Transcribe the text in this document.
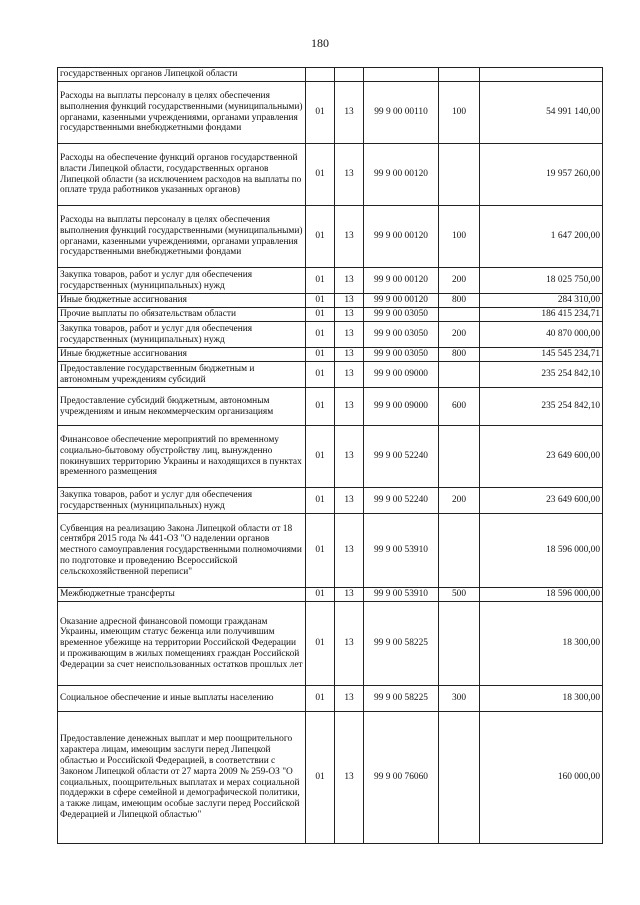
180
государственных органов Липецкой области					
Расходы на выплаты персоналу в целях обеспечения выполнения функций государственными (муниципальными) органами, казенными учреждениями, органами управления государственными внебюджетными фондами	01	13	99 9 00 00110	100	54 991 140,00
Расходы на обеспечение функций органов государственной власти Липецкой области, государственных органов Липецкой области (за исключением расходов на выплаты по оплате труда работников указанных органов)	01	13	99 9 00 00120		19 957 260,00
Расходы на выплаты персоналу в целях обеспечения выполнения функций государственными (муниципальными) органами, казенными учреждениями, органами управления государственными внебюджетными фондами	01	13	99 9 00 00120	100	1 647 200,00
Закупка товаров, работ и услуг для обеспечения государственных (муниципальных) нужд	01	13	99 9 00 00120	200	18 025 750,00
Иные бюджетные ассигнования	01	13	99 9 00 00120	800	284 310,00
Прочие выплаты по обязательствам области	01	13	99 9 00 03050		186 415 234,71
Закупка товаров, работ и услуг для обеспечения государственных (муниципальных) нужд	01	13	99 9 00 03050	200	40 870 000,00
Иные бюджетные ассигнования	01	13	99 9 00 03050	800	145 545 234,71
Предоставление государственным бюджетным и автономным учреждениям субсидий	01	13	99 9 00 09000		235 254 842,10
Предоставление субсидий бюджетным, автономным учреждениям и иным некоммерческим организациям	01	13	99 9 00 09000	600	235 254 842,10
Финансовое обеспечение мероприятий по временному социально-бытовому обустройству лиц, вынужденно покинувших территорию Украины и находящихся в пунктах временного размещения	01	13	99 9 00 52240		23 649 600,00
Закупка товаров, работ и услуг для обеспечения государственных (муниципальных) нужд	01	13	99 9 00 52240	200	23 649 600,00
Субвенция на реализацию Закона Липецкой области от 18 сентября 2015 года № 441-ОЗ "О наделении органов местного самоуправления государственными полномочиями по подготовке и проведению Всероссийской сельскохозяйственной переписи"	01	13	99 9 00 53910		18 596 000,00
Межбюджетные трансферты	01	13	99 9 00 53910	500	18 596 000,00
Оказание адресной финансовой помощи гражданам Украины, имеющим статус беженца или получившим временное убежище на территории Российской Федерации и проживающим в жилых помещениях граждан Российской Федерации за счет неиспользованных остатков прошлых лет	01	13	99 9 00 58225		18 300,00
Социальное обеспечение и иные выплаты населению	01	13	99 9 00 58225	300	18 300,00
Предоставление денежных выплат и мер поощрительного характера лицам, имеющим заслуги перед Липецкой областью и Российской Федерацией, в соответствии с Законом Липецкой области от 27 марта 2009 № 259-ОЗ "О социальных, поощрительных выплатах и мерах социальной поддержки в сфере семейной и демографической политики, а также лицам, имеющим особые заслуги перед Российской Федерацией и Липецкой областью"	01	13	99 9 00 76060		160 000,00
